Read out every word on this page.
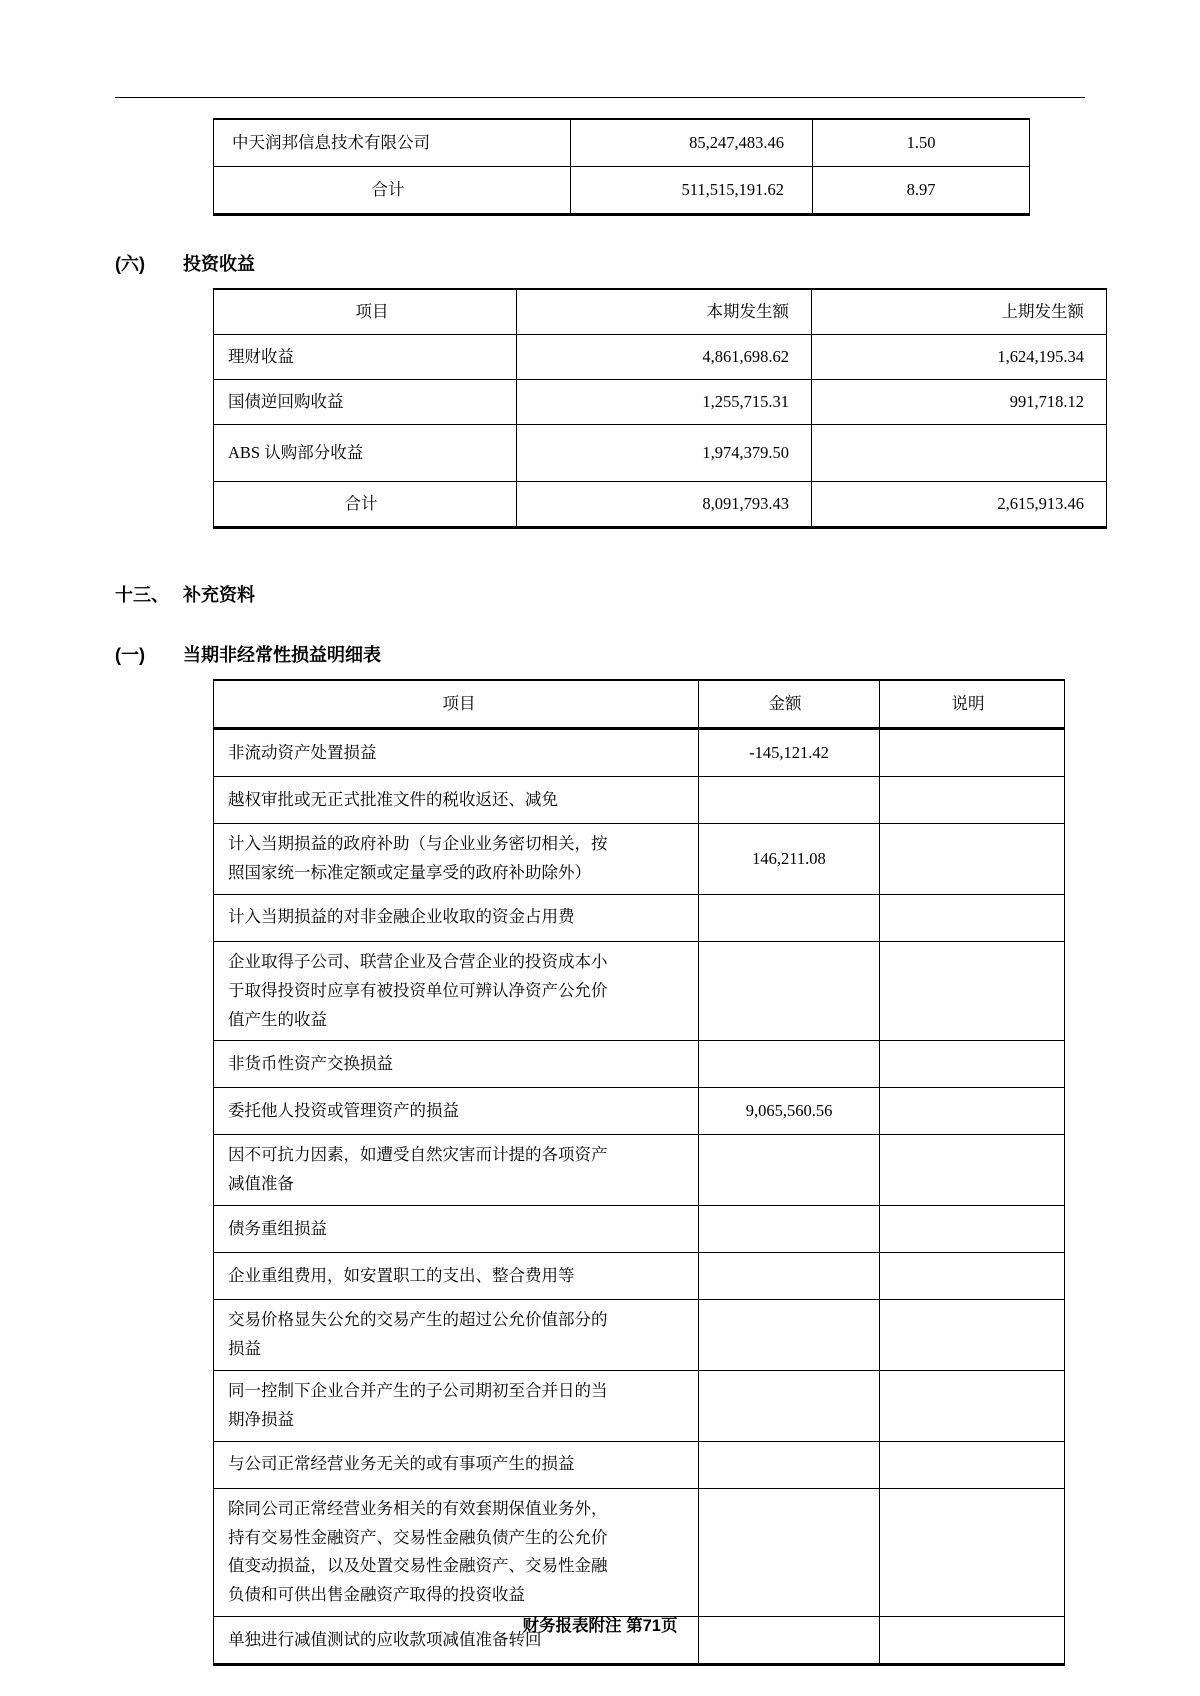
中天润邦信息技术有限公司	85,247,483.46	1.50
合计	511,515,191.62	8.97
(六)	投资收益
项目	本期发生额	上期发生额
理财收益	4,861,698.62	1,624,195.34
国债逆回购收益	1,255,715.31	991,718.12
ABS 认购部分收益	1,974,379.50	
合计	8,091,793.43	2,615,913.46
十三、 补充资料
(一)	当期非经常性损益明细表
项目	金额	说明

非流动资产处置损益	-145,121.42	

越权审批或无正式批准文件的税收返还、减免		

计入当期损益的政府补助（与企业业务密切相关，按
照国家统一标准定额或定量享受的政府补助除外）	146,211.08	

计入当期损益的对非金融企业收取的资金占用费		

企业取得子公司、联营企业及合营企业的投资成本小
于取得投资时应享有被投资单位可辨认净资产公允价
值产生的收益		

非货币性资产交换损益		

委托他人投资或管理资产的损益	9,065,560.56	

因不可抗力因素，如遭受自然灾害而计提的各项资产
减值准备		

债务重组损益		

企业重组费用，如安置职工的支出、整合费用等		

交易价格显失公允的交易产生的超过公允价值部分的
损益		

同一控制下企业合并产生的子公司期初至合并日的当
期净损益		

与公司正常经营业务无关的或有事项产生的损益		

除同公司正常经营业务相关的有效套期保值业务外，
持有交易性金融资产、交易性金融负债产生的公允价
值变动损益，以及处置交易性金融资产、交易性金融
负债和可供出售金融资产取得的投资收益		

单独进行减值测试的应收款项减值准备转回		

财务报表附注 第71页
